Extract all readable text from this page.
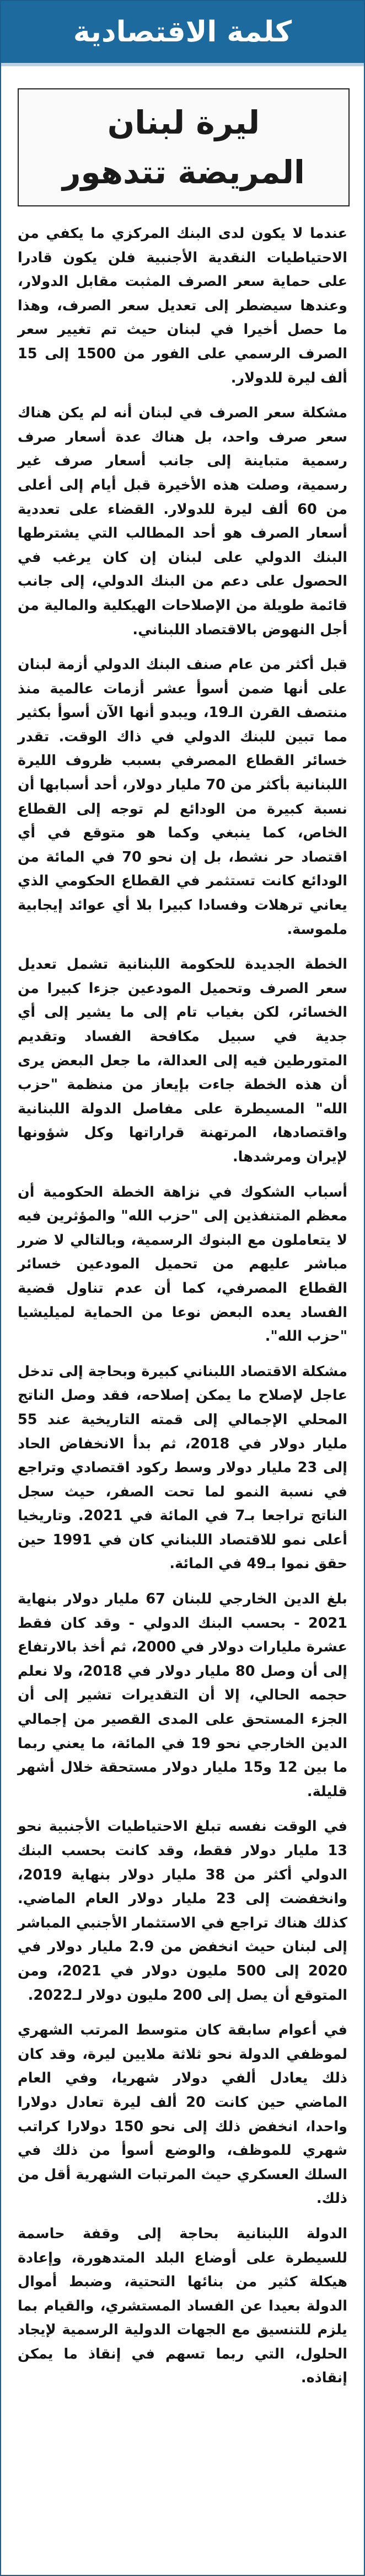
كلمة الاقتصادية
ليرة لبنان
المريضة تتدهور

عندما لا يكون لدى البنك المركزي ما يكفي من الاحتياطيات النقدية الأجنبية فلن يكون قادرا على حماية سعر الصرف المثبت مقابل الدولار، وعندها سيضطر إلى تعديل سعر الصرف، وهذا ما حصل أخيرا في لبنان حيث تم تغيير سعر الصرف الرسمي على الفور من 1500 إلى 15 ألف ليرة للدولار.

مشكلة سعر الصرف في لبنان أنه لم يكن هناك سعر صرف واحد، بل هناك عدة أسعار صرف رسمية متباينة إلى جانب أسعار صرف غير رسمية، وصلت هذه الأخيرة قبل أيام إلى أعلى من 60 ألف ليرة للدولار. القضاء على تعددية أسعار الصرف هو أحد المطالب التي يشترطها البنك الدولي على لبنان إن كان يرغب في الحصول على دعم من البنك الدولي، إلى جانب قائمة طويلة من الإصلاحات الهيكلية والمالية من أجل النهوض بالاقتصاد اللبناني.

قبل أكثر من عام صنف البنك الدولي أزمة لبنان على أنها ضمن أسوأ عشر أزمات عالمية منذ منتصف القرن الـ19، ويبدو أنها الآن أسوأ بكثير مما تبين للبنك الدولي في ذاك الوقت. تقدر خسائر القطاع المصرفي بسبب ظروف الليرة اللبنانية بأكثر من 70 مليار دولار، أحد أسبابها أن نسبة كبيرة من الودائع لم توجه إلى القطاع الخاص، كما ينبغي وكما هو متوقع في أي اقتصاد حر نشط، بل إن نحو 70 في المائة من الودائع كانت تستثمر في القطاع الحكومي الذي يعاني ترهلات وفسادا كبيرا بلا أي عوائد إيجابية ملموسة.

الخطة الجديدة للحكومة اللبنانية تشمل تعديل سعر الصرف وتحميل المودعين جزءا كبيرا من الخسائر، لكن بغياب تام إلى ما يشير إلى أي جدية في سبيل مكافحة الفساد وتقديم المتورطين فيه إلى العدالة، ما جعل البعض يرى أن هذه الخطة جاءت بإيعاز من منظمة "حزب الله" المسيطرة على مفاصل الدولة اللبنانية واقتصادها، المرتهنة قراراتها وكل شؤونها لإيران ومرشدها.

أسباب الشكوك في نزاهة الخطة الحكومية أن معظم المتنفذين إلى "حزب الله" والمؤثرين فيه لا يتعاملون مع البنوك الرسمية، وبالتالي لا ضرر مباشر عليهم من تحميل المودعين خسائر القطاع المصرفي، كما أن عدم تناول قضية الفساد يعده البعض نوعا من الحماية لميليشيا "حزب الله".

مشكلة الاقتصاد اللبناني كبيرة وبحاجة إلى تدخل عاجل لإصلاح ما يمكن إصلاحه، فقد وصل الناتج المحلي الإجمالي إلى قمته التاريخية عند 55 مليار دولار في 2018، ثم بدأ الانخفاض الحاد إلى 23 مليار دولار وسط ركود اقتصادي وتراجع في نسبة النمو لما تحت الصفر، حيث سجل الناتج تراجعا بـ7 في المائة في 2021. وتاريخيا أعلى نمو للاقتصاد اللبناني كان في 1991 حين حقق نموا بـ49 في المائة.

بلغ الدين الخارجي للبنان 67 مليار دولار بنهاية 2021 - بحسب البنك الدولي - وقد كان فقط عشرة مليارات دولار في 2000، ثم أخذ بالارتفاع إلى أن وصل 80 مليار دولار في 2018، ولا نعلم حجمه الحالي، إلا أن التقديرات تشير إلى أن الجزء المستحق على المدى القصير من إجمالي الدين الخارجي نحو 19 في المائة، ما يعني ربما ما بين 12 و15 مليار دولار مستحقة خلال أشهر قليلة.

في الوقت نفسه تبلغ الاحتياطيات الأجنبية نحو 13 مليار دولار فقط، وقد كانت بحسب البنك الدولي أكثر من 38 مليار دولار بنهاية 2019، وانخفضت إلى 23 مليار دولار العام الماضي. كذلك هناك تراجع في الاستثمار الأجنبي المباشر إلى لبنان حيث انخفض من 2.9 مليار دولار في 2020 إلى 500 مليون دولار في 2021، ومن المتوقع أن يصل إلى 200 مليون دولار لـ2022.

في أعوام سابقة كان متوسط المرتب الشهري لموظفي الدولة نحو ثلاثة ملايين ليرة، وقد كان ذلك يعادل ألفي دولار شهريا، وفي العام الماضي حين كانت 20 ألف ليرة تعادل دولارا واحدا، انخفض ذلك إلى نحو 150 دولارا كراتب شهري للموظف، والوضع أسوأ من ذلك في السلك العسكري حيث المرتبات الشهرية أقل من ذلك.

الدولة اللبنانية بحاجة إلى وقفة حاسمة للسيطرة على أوضاع البلد المتدهورة، وإعادة هيكلة كثير من بنائها التحتية، وضبط أموال الدولة بعيدا عن الفساد المستشري، والقيام بما يلزم للتنسيق مع الجهات الدولية الرسمية لإيجاد الحلول، التي ربما تسهم في إنقاذ ما يمكن إنقاذه.
